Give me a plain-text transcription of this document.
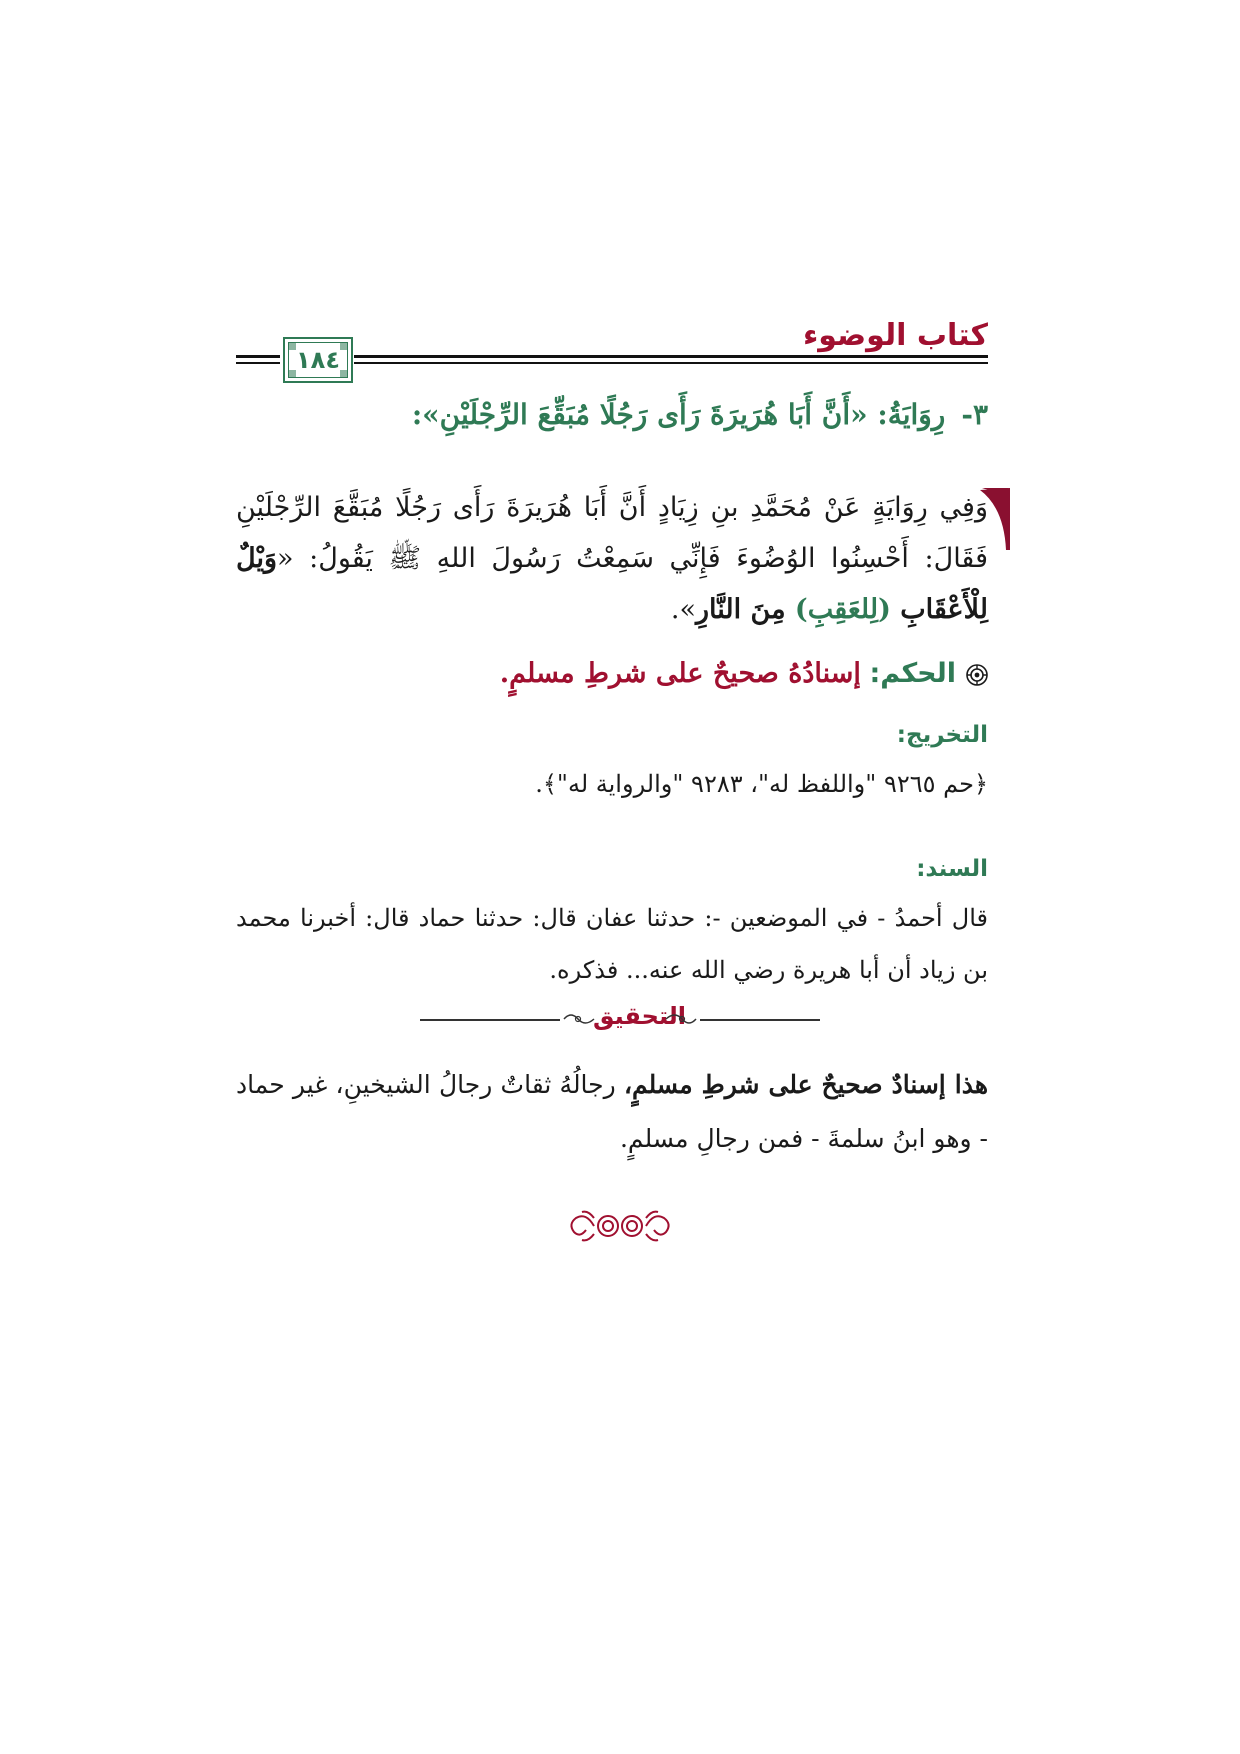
كتاب الوضوء
١٨٤
٣-رِوَايَةُ: «أَنَّ أَبَا هُرَيرَةَ رَأَى رَجُلًا مُبَقِّعَ الرِّجْلَيْنِ»:
وَفِي رِوَايَةٍ عَنْ مُحَمَّدِ بنِ زِيَادٍ أَنَّ أَبَا هُرَيرَةَ رَأَى رَجُلًا مُبَقَّعَ الرِّجْلَيْنِ فَقَالَ: أَحْسِنُوا الوُضُوءَ فَإِنِّي سَمِعْتُ رَسُولَ اللهِ ﷺ يَقُولُ: «وَيْلٌ لِلْأَعْقَابِ (لِلعَقِبِ) مِنَ النَّارِ».
الحكم: إسنادُهُ صحيحٌ على شرطِ مسلمٍ.
التخريج:
﴿حم ٩٢٦٥ "واللفظ له"، ٩٢٨٣ "والرواية له"﴾.
السند:
قال أحمدُ - في الموضعين -: حدثنا عفان قال: حدثنا حماد قال: أخبرنا محمد بن زياد أن أبا هريرة رضي الله عنه... فذكره.
التحقيق
هذا إسنادٌ صحيحٌ على شرطِ مسلمٍ، رجالُهُ ثقاتٌ رجالُ الشيخينِ، غير حماد - وهو ابنُ سلمةَ - فمن رجالِ مسلمٍ.
